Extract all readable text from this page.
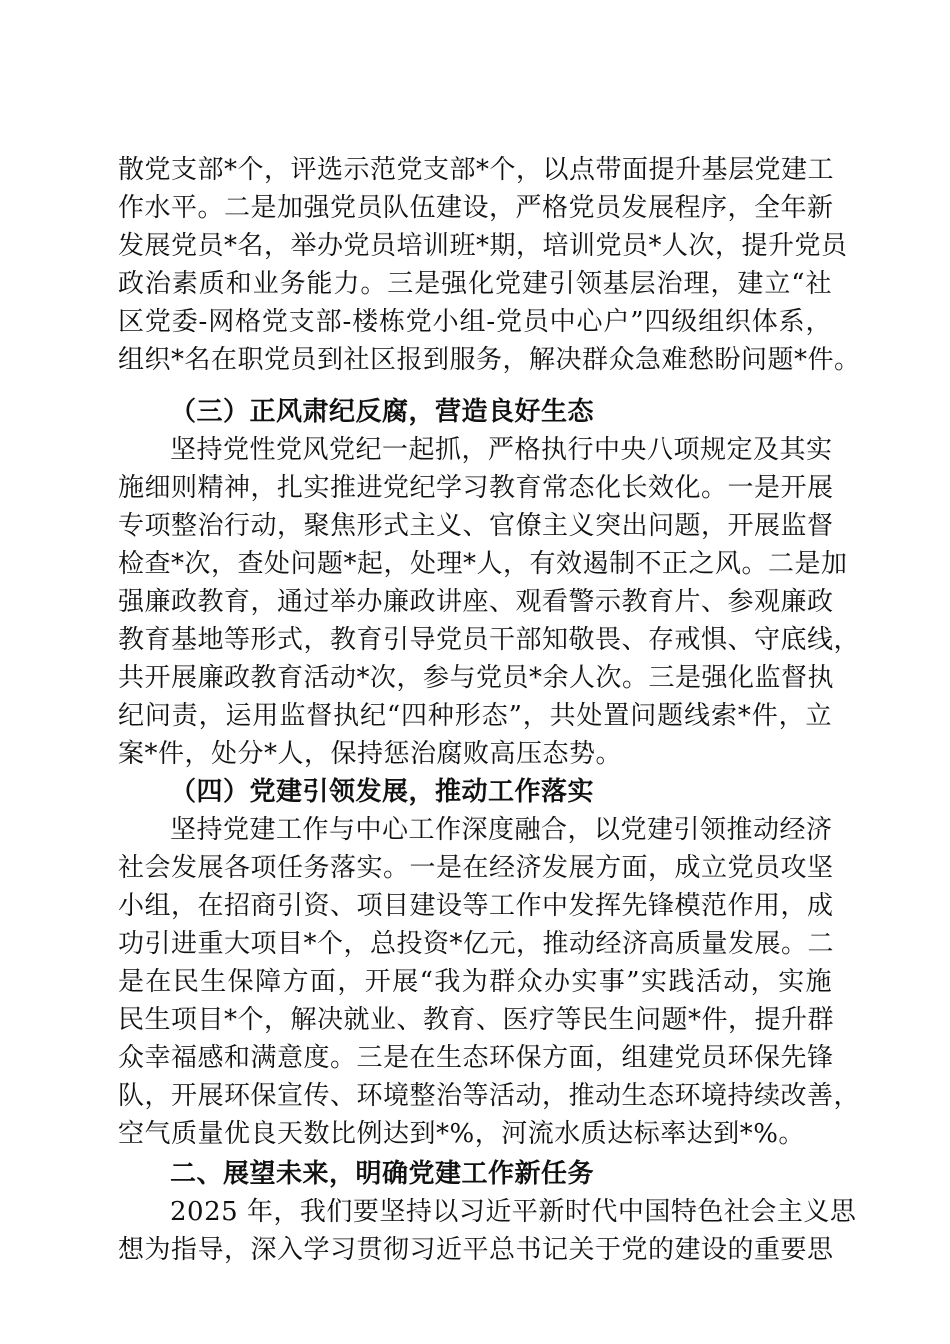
散党支部*个，评选示范党支部*个，以点带面提升基层党建工
作水平。二是加强党员队伍建设，严格党员发展程序，全年新
发展党员*名，举办党员培训班*期，培训党员*人次，提升党员
政治素质和业务能力。三是强化党建引领基层治理，建立“社
区党委-网格党支部-楼栋党小组-党员中心户”四级组织体系，
组织*名在职党员到社区报到服务，解决群众急难愁盼问题*件。
（三）正风肃纪反腐，营造良好生态
坚持党性党风党纪一起抓，严格执行中央八项规定及其实
施细则精神，扎实推进党纪学习教育常态化长效化。一是开展
专项整治行动，聚焦形式主义、官僚主义突出问题，开展监督
检查*次，查处问题*起，处理*人，有效遏制不正之风。二是加
强廉政教育，通过举办廉政讲座、观看警示教育片、参观廉政
教育基地等形式，教育引导党员干部知敬畏、存戒惧、守底线，
共开展廉政教育活动*次，参与党员*余人次。三是强化监督执
纪问责，运用监督执纪“四种形态”，共处置问题线索*件，立
案*件，处分*人，保持惩治腐败高压态势。
（四）党建引领发展，推动工作落实
坚持党建工作与中心工作深度融合，以党建引领推动经济
社会发展各项任务落实。一是在经济发展方面，成立党员攻坚
小组，在招商引资、项目建设等工作中发挥先锋模范作用，成
功引进重大项目*个，总投资*亿元，推动经济高质量发展。二
是在民生保障方面，开展“我为群众办实事”实践活动，实施
民生项目*个，解决就业、教育、医疗等民生问题*件，提升群
众幸福感和满意度。三是在生态环保方面，组建党员环保先锋
队，开展环保宣传、环境整治等活动，推动生态环境持续改善，
空气质量优良天数比例达到*%，河流水质达标率达到*%。
二、展望未来，明确党建工作新任务
2025 年，我们要坚持以习近平新时代中国特色社会主义思
想为指导，深入学习贯彻习近平总书记关于党的建设的重要思
